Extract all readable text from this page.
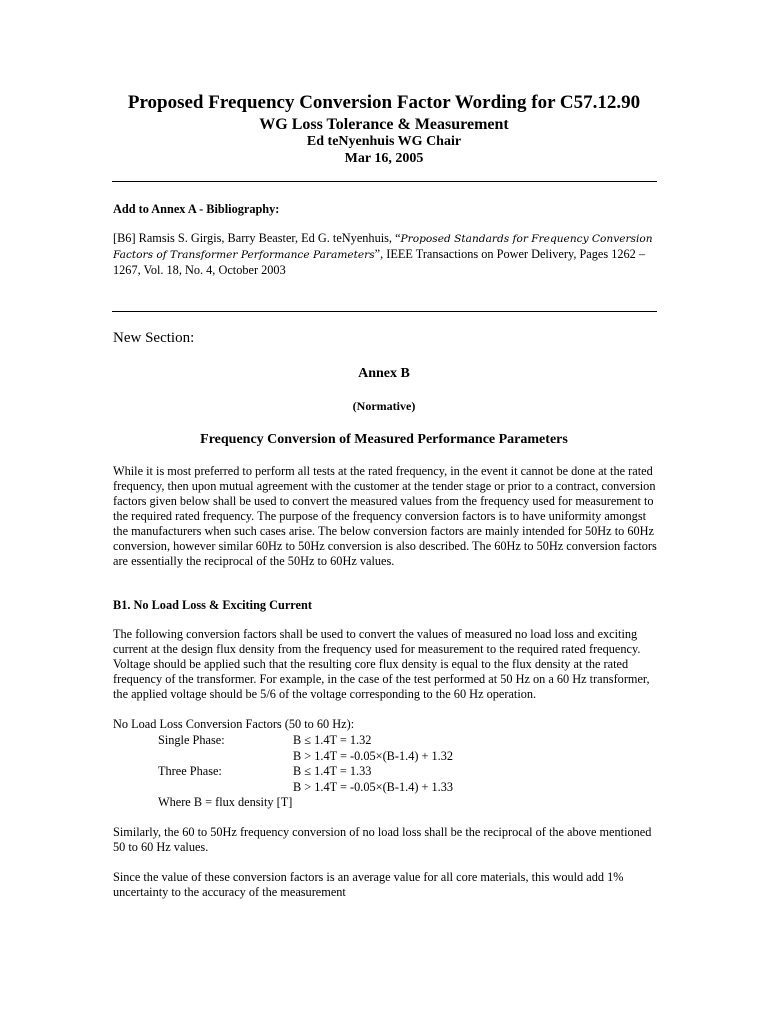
Proposed Frequency Conversion Factor Wording for C57.12.90
WG Loss Tolerance & Measurement
Ed teNyenhuis WG Chair
Mar 16, 2005
Add to Annex A - Bibliography:
[B6] Ramsis S. Girgis, Barry Beaster, Ed G. teNyenhuis, “Proposed Standards for Frequency Conversion Factors of Transformer Performance Parameters”, IEEE Transactions on Power Delivery, Pages 1262 – 1267, Vol. 18, No. 4, October 2003
New Section:
Annex B
(Normative)
Frequency Conversion of Measured Performance Parameters
While it is most preferred to perform all tests at the rated frequency, in the event it cannot be done at the rated frequency, then upon mutual agreement with the customer at the tender stage or prior to a contract, conversion factors given below shall be used to convert the measured values from the frequency used for measurement to the required rated frequency. The purpose of the frequency conversion factors is to have uniformity amongst the manufacturers when such cases arise. The below conversion factors are mainly intended for 50Hz to 60Hz conversion, however similar 60Hz to 50Hz conversion is also described. The 60Hz to 50Hz conversion factors are essentially the reciprocal of the 50Hz to 60Hz values.
B1. No Load Loss & Exciting Current
The following conversion factors shall be used to convert the values of measured no load loss and exciting current at the design flux density from the frequency used for measurement to the required rated frequency. Voltage should be applied such that the resulting core flux density is equal to the flux density at the rated frequency of the transformer. For example, in the case of the test performed at 50 Hz on a 60 Hz transformer, the applied voltage should be 5/6 of the voltage corresponding to the 60 Hz operation.
No Load Loss Conversion Factors (50 to 60 Hz):
Single Phase:	B ≤ 1.4T = 1.32
B > 1.4T = -0.05×(B-1.4) + 1.32
Three Phase:	B ≤ 1.4T = 1.33
B > 1.4T = -0.05×(B-1.4) + 1.33
Where B = flux density [T]
Similarly, the 60 to 50Hz frequency conversion of no load loss shall be the reciprocal of the above mentioned 50 to 60 Hz values.
Since the value of these conversion factors is an average value for all core materials, this would add 1% uncertainty to the accuracy of the measurement
